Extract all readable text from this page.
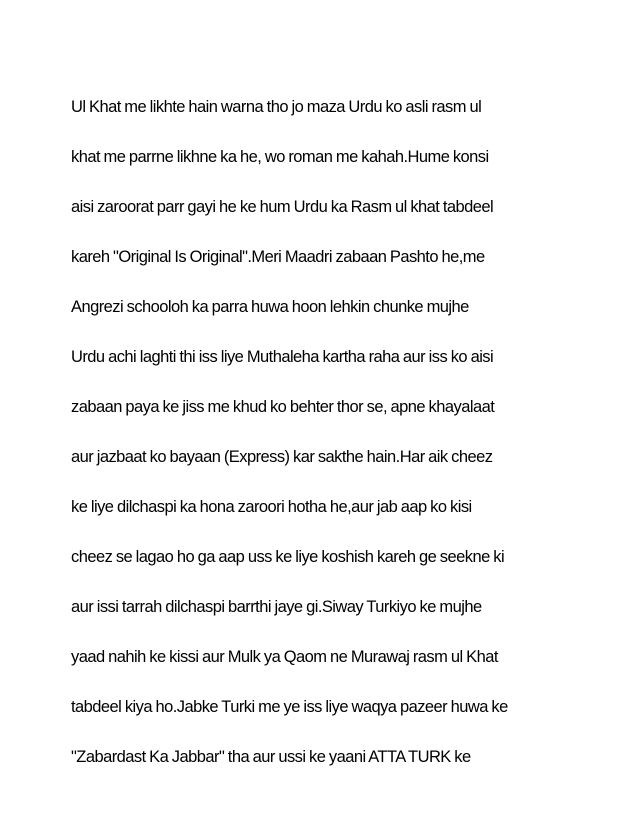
Ul Khat me likhte hain warna tho jo maza Urdu ko asli rasm ul
khat me parrne likhne ka he, wo roman me kahah.Hume konsi
aisi zaroorat parr gayi he ke hum Urdu ka Rasm ul khat tabdeel
kareh "Original Is Original".Meri Maadri zabaan Pashto he,me
Angrezi schooloh ka parra huwa hoon lehkin chunke mujhe
Urdu achi laghti thi iss liye Muthaleha kartha raha aur iss ko aisi
zabaan paya ke jiss me khud ko behter thor se, apne khayalaat
aur jazbaat ko bayaan (Express) kar sakthe hain.Har aik cheez
ke liye dilchaspi ka hona zaroori hotha he,aur jab aap ko kisi
cheez se lagao ho ga aap uss ke liye koshish kareh ge seekne ki
aur issi tarrah dilchaspi barrthi jaye gi.Siway Turkiyo ke mujhe
yaad nahih ke kissi aur Mulk ya Qaom ne Murawaj rasm ul Khat
tabdeel kiya ho.Jabke Turki me ye iss liye waqya pazeer huwa ke
"Zabardast Ka Jabbar" tha aur ussi ke yaani ATTA TURK ke
